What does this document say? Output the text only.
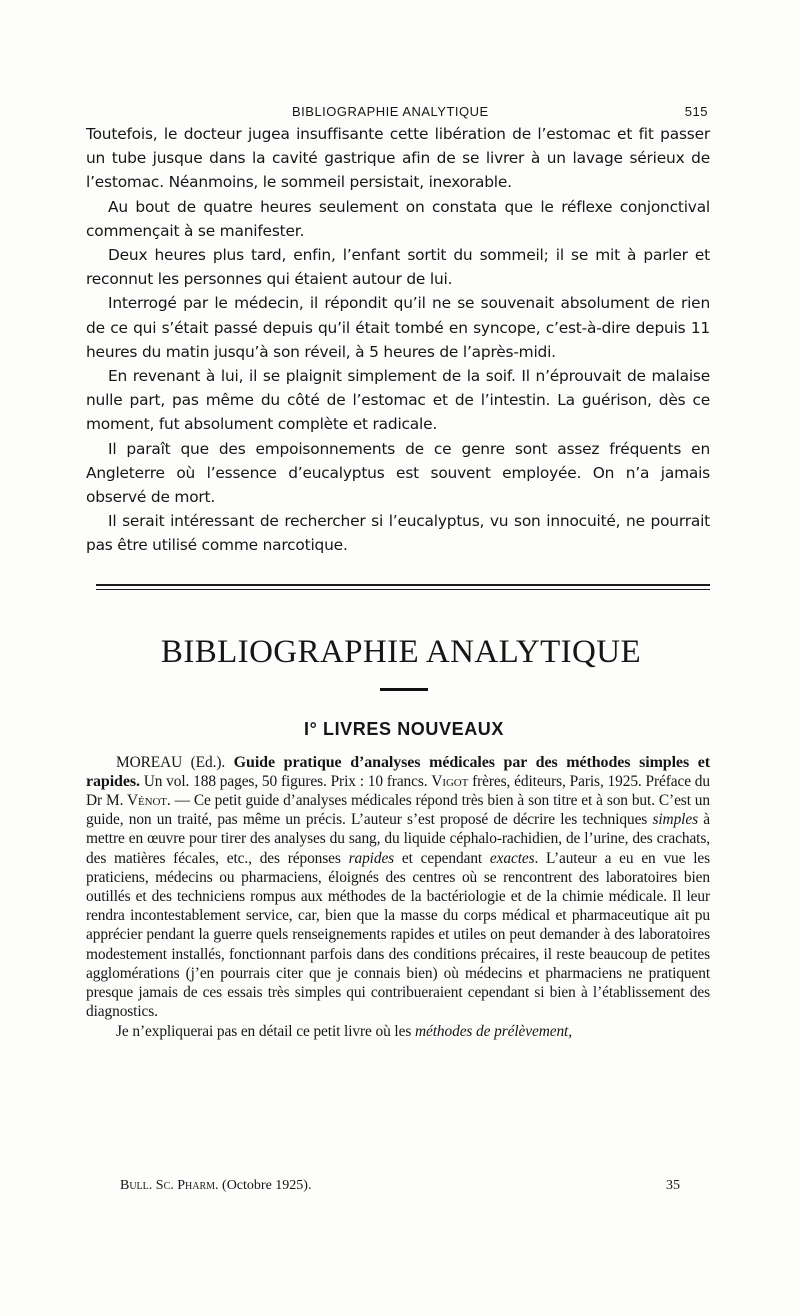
BIBLIOGRAPHIE ANALYTIQUE	515

Toutefois, le docteur jugea insuffisante cette libération de l’estomac et fit passer un tube jusque dans la cavité gastrique afin de se livrer à un lavage sérieux de l’estomac. Néanmoins, le sommeil persistait, inexorable.

Au bout de quatre heures seulement on constata que le réflexe conjonctival commençait à se manifester.

Deux heures plus tard, enfin, l’enfant sortit du sommeil; il se mit à parler et reconnut les personnes qui étaient autour de lui.

Interrogé par le médecin, il répondit qu’il ne se souvenait absolument de rien de ce qui s’était passé depuis qu’il était tombé en syncope, c’est-à-dire depuis 11 heures du matin jusqu’à son réveil, à 5 heures de l’après-midi.

En revenant à lui, il se plaignit simplement de la soif. Il n’éprouvait de malaise nulle part, pas même du côté de l’estomac et de l’intestin. La guérison, dès ce moment, fut absolument complète et radicale.

Il paraît que des empoisonnements de ce genre sont assez fréquents en Angleterre où l’essence d’eucalyptus est souvent employée. On n’a jamais observé de mort.

Il serait intéressant de rechercher si l’eucalyptus, vu son innocuité, ne pourrait pas être utilisé comme narcotique.

BIBLIOGRAPHIE ANALYTIQUE
I° LIVRES NOUVEAUX

MOREAU (Ed.). Guide pratique d’analyses médicales par des méthodes simples et rapides. Un vol. 188 pages, 50 figures. Prix : 10 francs. Vigot frères, éditeurs, Paris, 1925. Préface du Dr M. Vénot. — Ce petit guide d’analyses médicales répond très bien à son titre et à son but. C’est un guide, non un traité, pas même un précis. L’auteur s’est proposé de décrire les techniques simples à mettre en œuvre pour tirer des analyses du sang, du liquide céphalo-rachidien, de l’urine, des crachats, des matières fécales, etc., des réponses rapides et cependant exactes. L’auteur a eu en vue les praticiens, médecins ou pharmaciens, éloignés des centres où se rencontrent des laboratoires bien outillés et des techniciens rompus aux méthodes de la bactériologie et de la chimie médicale. Il leur rendra incontestablement service, car, bien que la masse du corps médical et pharmaceutique ait pu apprécier pendant la guerre quels renseignements rapides et utiles on peut demander à des laboratoires modestement installés, fonctionnant parfois dans des conditions précaires, il reste beaucoup de petites agglomérations (j’en pourrais citer que je connais bien) où médecins et pharmaciens ne pratiquent presque jamais de ces essais très simples qui contribueraient cependant si bien à l’établissement des diagnostics.

Je n’expliquerai pas en détail ce petit livre où les méthodes de prélèvement,

Bull. Sc. Pharm. (Octobre 1925).	35
